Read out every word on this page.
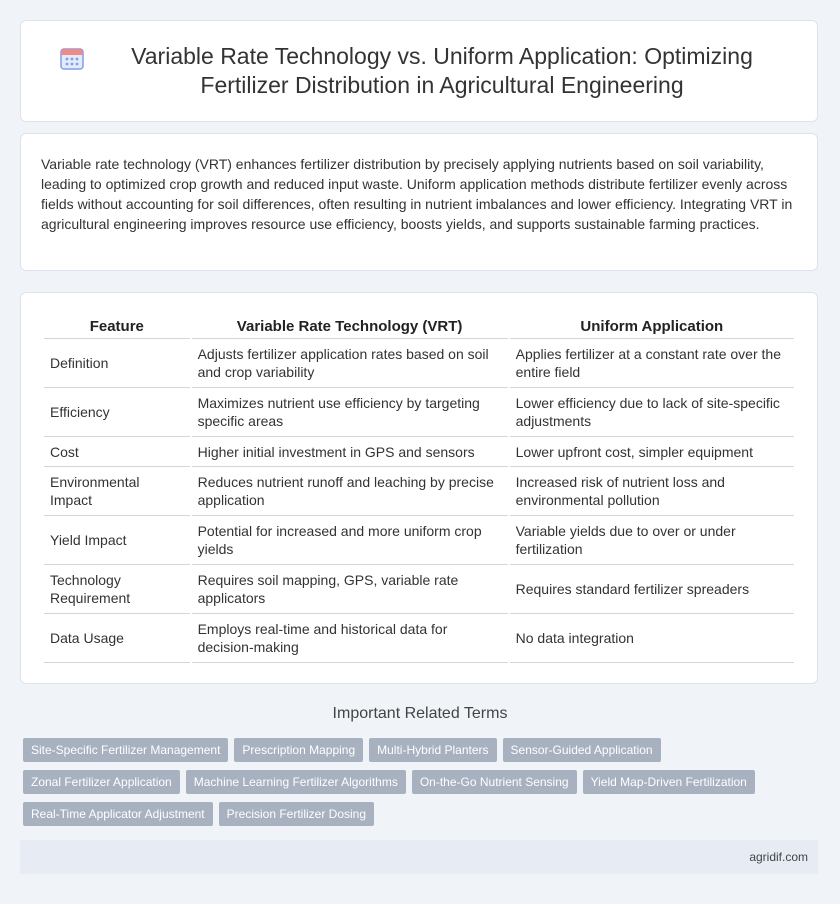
Variable Rate Technology vs. Uniform Application: Optimizing Fertilizer Distribution in Agricultural Engineering

Variable rate technology (VRT) enhances fertilizer distribution by precisely applying nutrients based on soil variability, leading to optimized crop growth and reduced input waste. Uniform application methods distribute fertilizer evenly across fields without accounting for soil differences, often resulting in nutrient imbalances and lower efficiency. Integrating VRT in agricultural engineering improves resource use efficiency, boosts yields, and supports sustainable farming practices.

Feature	Variable Rate Technology (VRT)	Uniform Application
Definition	Adjusts fertilizer application rates based on soil and crop variability	Applies fertilizer at a constant rate over the entire field
Efficiency	Maximizes nutrient use efficiency by targeting specific areas	Lower efficiency due to lack of site-specific adjustments
Cost	Higher initial investment in GPS and sensors	Lower upfront cost, simpler equipment
Environmental Impact	Reduces nutrient runoff and leaching by precise application	Increased risk of nutrient loss and environmental pollution
Yield Impact	Potential for increased and more uniform crop yields	Variable yields due to over or under fertilization
Technology Requirement	Requires soil mapping, GPS, variable rate applicators	Requires standard fertilizer spreaders
Data Usage	Employs real-time and historical data for decision-making	No data integration
Important Related Terms
Site-Specific Fertilizer Management	Prescription Mapping	Multi-Hybrid Planters	Sensor-Guided Application
Zonal Fertilizer Application	Machine Learning Fertilizer Algorithms	On-the-Go Nutrient Sensing	Yield Map-Driven Fertilization
Real-Time Applicator Adjustment	Precision Fertilizer Dosing
agridif.com
